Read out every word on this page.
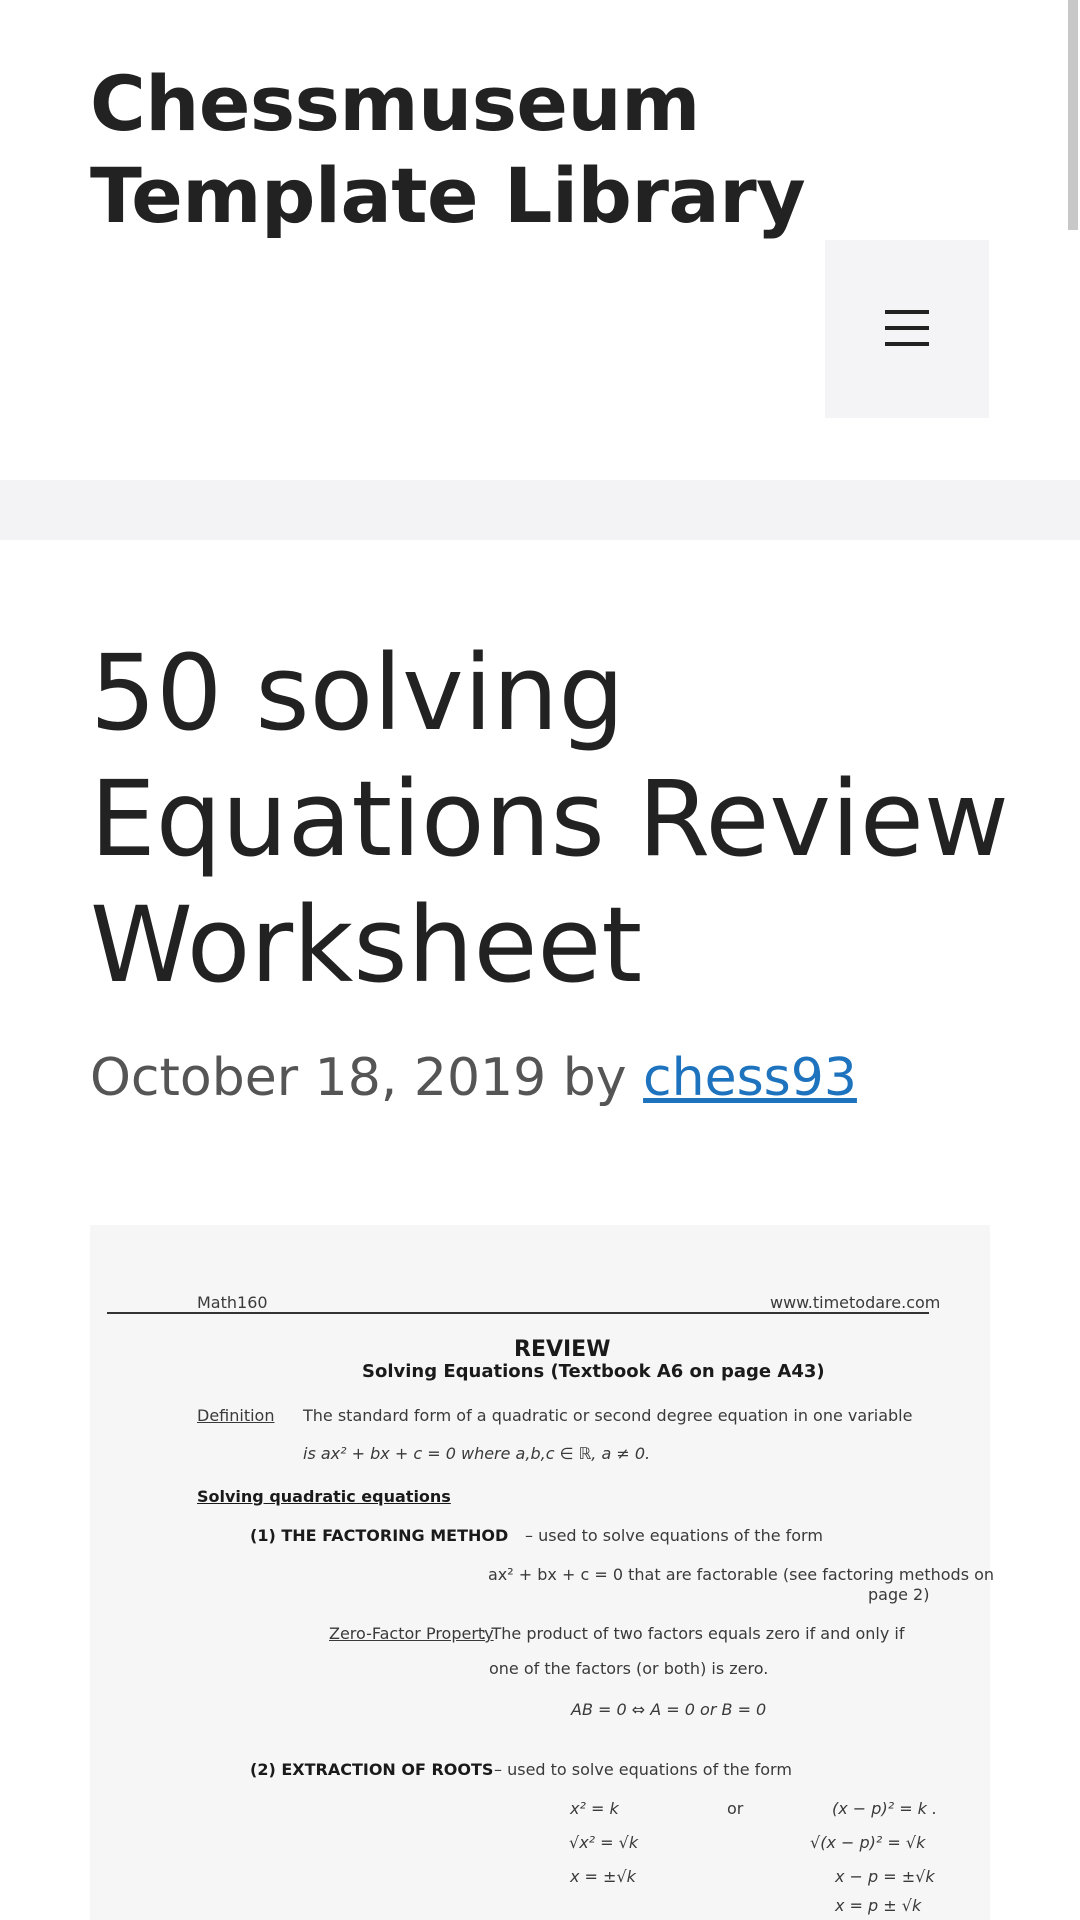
Chessmuseum
Template Library
50 solving
Equations Review
Worksheet

October 18, 2019 by chess93

Math160	www.timetodare.com
REVIEW
Solving Equations (Textbook A6 on page A43)
Definition The standard form of a quadratic or second degree equation in one variable
is ax² + bx + c = 0 where a,b,c ∈ ℝ, a ≠ 0.
Solving quadratic equations
(1) THE FACTORING METHOD – used to solve equations of the form
ax² + bx + c = 0 that are factorable (see factoring methods on
page 2)
Zero-Factor Property
: The product of two factors equals zero if and only if
one of the factors (or both) is zero.
AB = 0 ⇔ A = 0 or B = 0
(2) EXTRACTION OF ROOTS – used to solve equations of the form
x² = k	or	(x − p)² = k .
√x² = √k	√(x − p)² = √k
x = ±√k	x − p = ±√k
x = p ± √k
